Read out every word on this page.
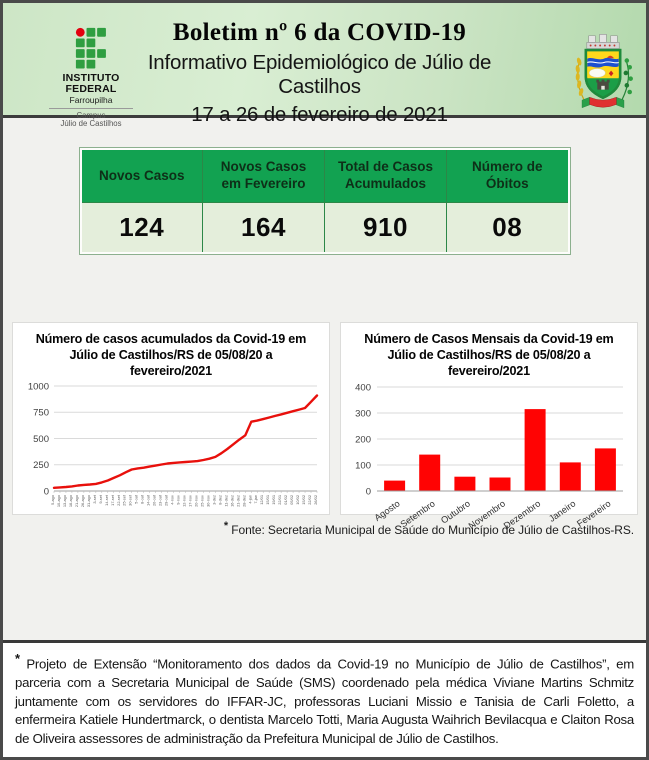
INSTITUTO
FEDERAL
Farroupilha
Campus
Júlio de Castilhos
Boletim nº 6 da COVID-19
Informativo Epidemiológico de Júlio de Castilhos
17 a 26 de fevereiro de 2021
Novos Casos	Novos Casos em Fevereiro	Total de Casos Acumulados	Número de Óbitos
124	164	910	08
Número de casos acumulados da Covid-19 em Júlio de Castilhos/RS de 05/08/20 a fevereiro/2021
0
250
500
750
1000
5-ago 10-ago 13-ago 18-ago 21-ago 26-ago 31-ago 3-set 9-set 14-set 17-set 22-set 25-set 30-set 5-out 8-out 14-out 20-out 23-out 29-out 4-nov 9-nov 12-nov 17-nov 20-nov 25-nov 30-nov 3-dez 8-dez 11-dez 16-dez 21-dez 28-dez 4-jan 7-jan 12/01 15/01 19/01 22/01 01/02 05/02 10/02 15/02 22/02 26/02
Número de Casos Mensais da Covid-19 em Júlio de Castilhos/RS de 05/08/20 a fevereiro/2021
0
100
200
300
400
Agosto
Setembro Outubro
Novembro
Dezembro Janeiro
Fevereiro
* Fonte: Secretaria Municipal de Saúde do Município de Júlio de Castilhos-RS.
* Projeto de Extensão “Monitoramento dos dados da Covid-19 no Município de Júlio de Castilhos”, em parceria com a Secretaria Municipal de Saúde (SMS) coordenado pela médica Viviane Martins Schmitz juntamente com os servidores do IFFAR-JC, professoras Luciani Missio e Tanisia de Carli Foletto, a enfermeira Katiele Hundertmarck, o dentista Marcelo Totti, Maria Augusta Waihrich Bevilacqua e Claiton Rosa de Oliveira assessores de administração da Prefeitura Municipal de Júlio de Castilhos.
